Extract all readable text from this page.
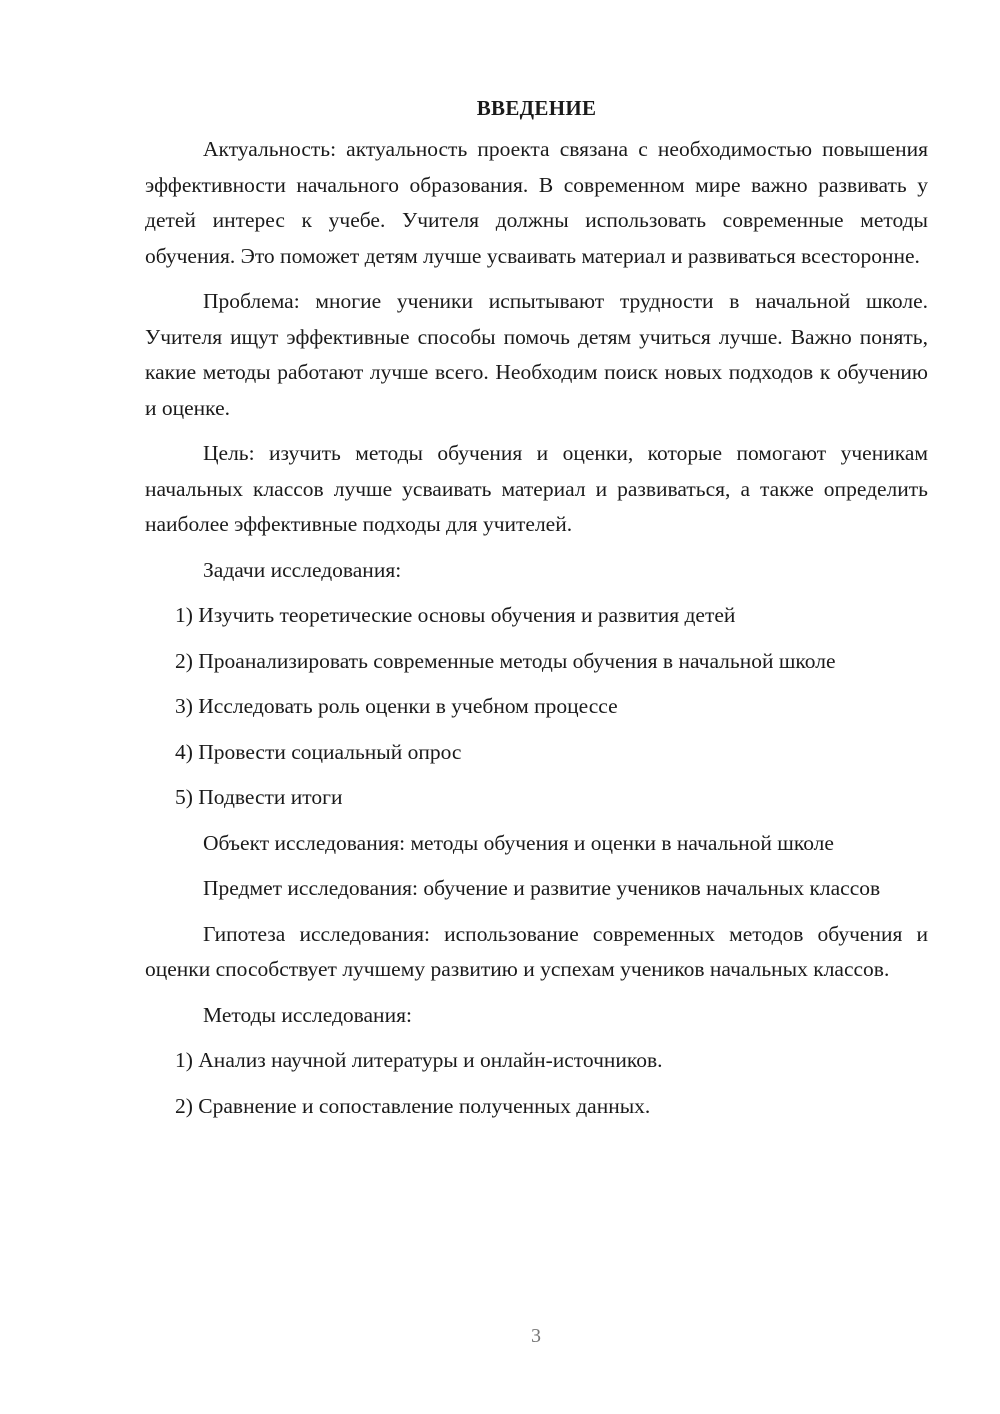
ВВЕДЕНИЕ

Актуальность: актуальность проекта связана с необходимостью повышения эффективности начального образования. В современном мире важно развивать у детей интерес к учебе. Учителя должны использовать современные методы обучения. Это поможет детям лучше усваивать материал и развиваться всесторонне.

Проблема: многие ученики испытывают трудности в начальной школе. Учителя ищут эффективные способы помочь детям учиться лучше. Важно понять, какие методы работают лучше всего. Необходим поиск новых подходов к обучению и оценке.

Цель: изучить методы обучения и оценки, которые помогают ученикам начальных классов лучше усваивать материал и развиваться, а также определить наиболее эффективные подходы для учителей.

Задачи исследования:

1) Изучить теоретические основы обучения и развития детей

2) Проанализировать современные методы обучения в начальной школе

3) Исследовать роль оценки в учебном процессе

4) Провести социальный опрос

5) Подвести итоги

Объект исследования: методы обучения и оценки в начальной школе

Предмет исследования: обучение и развитие учеников начальных классов

Гипотеза исследования: использование современных методов обучения и оценки способствует лучшему развитию и успехам учеников начальных классов.

Методы исследования:

1) Анализ научной литературы и онлайн-источников.

2) Сравнение и сопоставление полученных данных.

3
